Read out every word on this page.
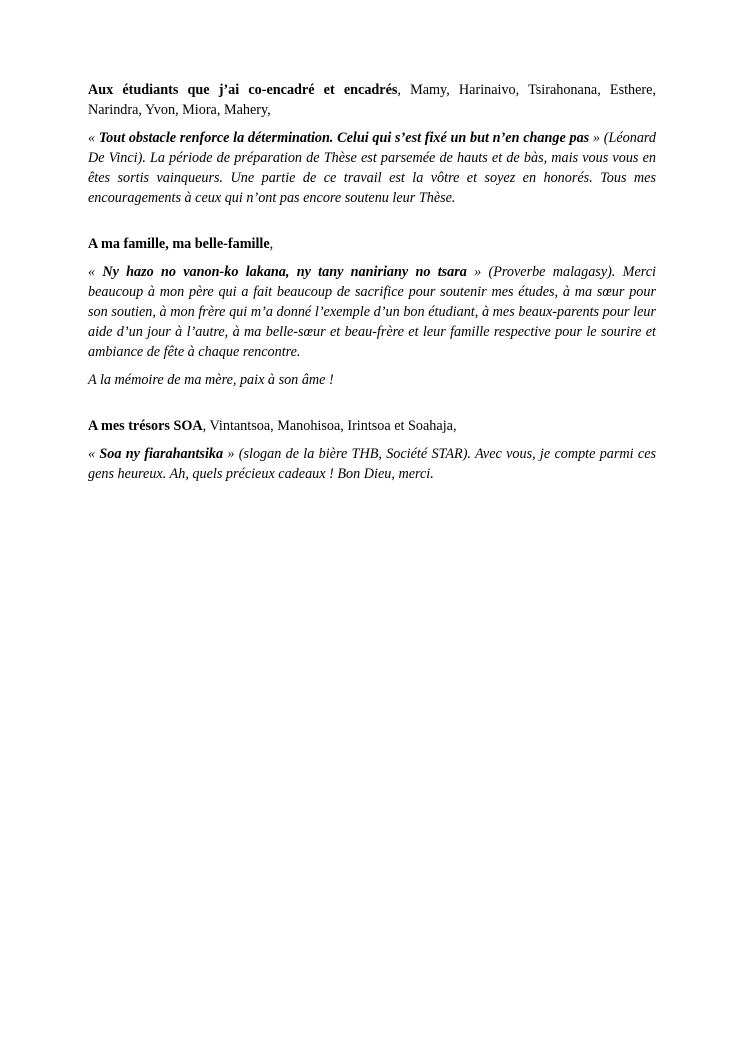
Aux étudiants que j’ai co-encadré et encadrés, Mamy, Harinaivo, Tsirahonana, Esthere, Narindra, Yvon, Miora, Mahery,

« Tout obstacle renforce la détermination. Celui qui s’est fixé un but n’en change pas » (Léonard De Vinci). La période de préparation de Thèse est parsemée de hauts et de bàs, mais vous vous en êtes sortis vainqueurs. Une partie de ce travail est la vôtre et soyez en honorés. Tous mes encouragements à ceux qui n’ont pas encore soutenu leur Thèse.

A ma famille, ma belle-famille,

« Ny hazo no vanon-ko lakana, ny tany naniriany no tsara » (Proverbe malagasy). Merci beaucoup à mon père qui a fait beaucoup de sacrifice pour soutenir mes études, à ma sœur pour son soutien, à mon frère qui m’a donné l’exemple d’un bon étudiant, à mes beaux-parents pour leur aide d’un jour à l’autre, à ma belle-sœur et beau-frère et leur famille respective pour le sourire et ambiance de fête à chaque rencontre.

A la mémoire de ma mère, paix à son âme !

A mes trésors SOA, Vintantsoa, Manohisoa, Irintsoa et Soahaja,

« Soa ny fiarahantsika » (slogan de la bière THB, Société STAR). Avec vous, je compte parmi ces gens heureux. Ah, quels précieux cadeaux ! Bon Dieu, merci.
